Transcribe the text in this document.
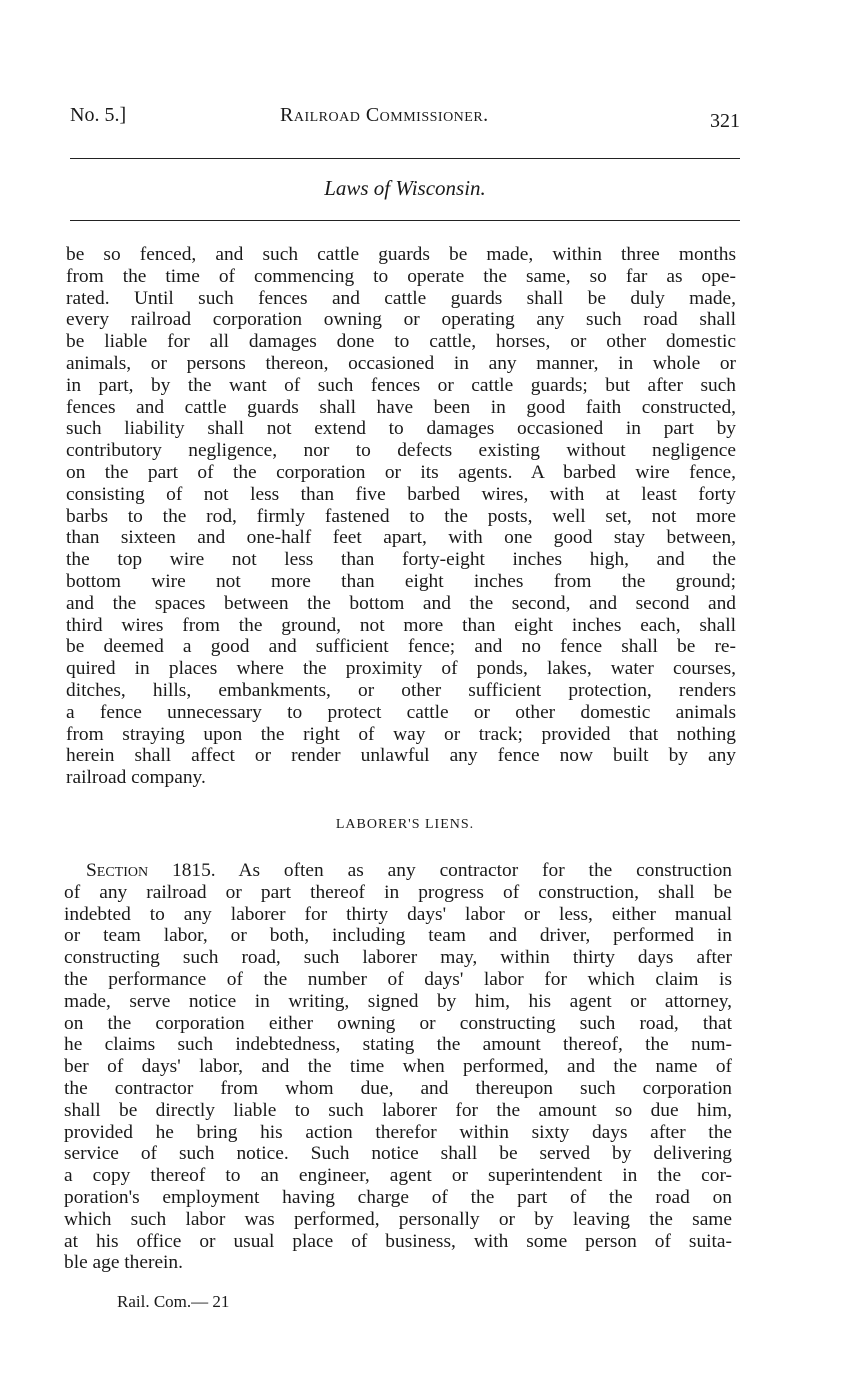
No. 5.]	Railroad Commissioner.	321
Laws of Wisconsin.
be so fenced, and such cattle guards be made, within three months
from the time of commencing to operate the same, so far as ope-
rated. Until such fences and cattle guards shall be duly made,
every railroad corporation owning or operating any such road shall
be liable for all damages done to cattle, horses, or other domestic
animals, or persons thereon, occasioned in any manner, in whole or
in part, by the want of such fences or cattle guards; but after such
fences and cattle guards shall have been in good faith constructed,
such liability shall not extend to damages occasioned in part by
contributory negligence, nor to defects existing without negligence
on the part of the corporation or its agents. A barbed wire fence,
consisting of not less than five barbed wires, with at least forty
barbs to the rod, firmly fastened to the posts, well set, not more
than sixteen and one-half feet apart, with one good stay between,
the top wire not less than forty-eight inches high, and the
bottom wire not more than eight inches from the ground;
and the spaces between the bottom and the second, and second and
third wires from the ground, not more than eight inches each, shall
be deemed a good and sufficient fence; and no fence shall be re-
quired in places where the proximity of ponds, lakes, water courses,
ditches, hills, embankments, or other sufficient protection, renders
a fence unnecessary to protect cattle or other domestic animals
from straying upon the right of way or track; provided that nothing
herein shall affect or render unlawful any fence now built by any
railroad company.
LABORER'S LIENS.
Section 1815. As often as any contractor for the construction
of any railroad or part thereof in progress of construction, shall be
indebted to any laborer for thirty days' labor or less, either manual
or team labor, or both, including team and driver, performed in
constructing such road, such laborer may, within thirty days after
the performance of the number of days' labor for which claim is
made, serve notice in writing, signed by him, his agent or attorney,
on the corporation either owning or constructing such road, that
he claims such indebtedness, stating the amount thereof, the num-
ber of days' labor, and the time when performed, and the name of
the contractor from whom due, and thereupon such corporation
shall be directly liable to such laborer for the amount so due him,
provided he bring his action therefor within sixty days after the
service of such notice. Such notice shall be served by delivering
a copy thereof to an engineer, agent or superintendent in the cor-
poration's employment having charge of the part of the road on
which such labor was performed, personally or by leaving the same
at his office or usual place of business, with some person of suita-
ble age therein.
Rail. Com.— 21
